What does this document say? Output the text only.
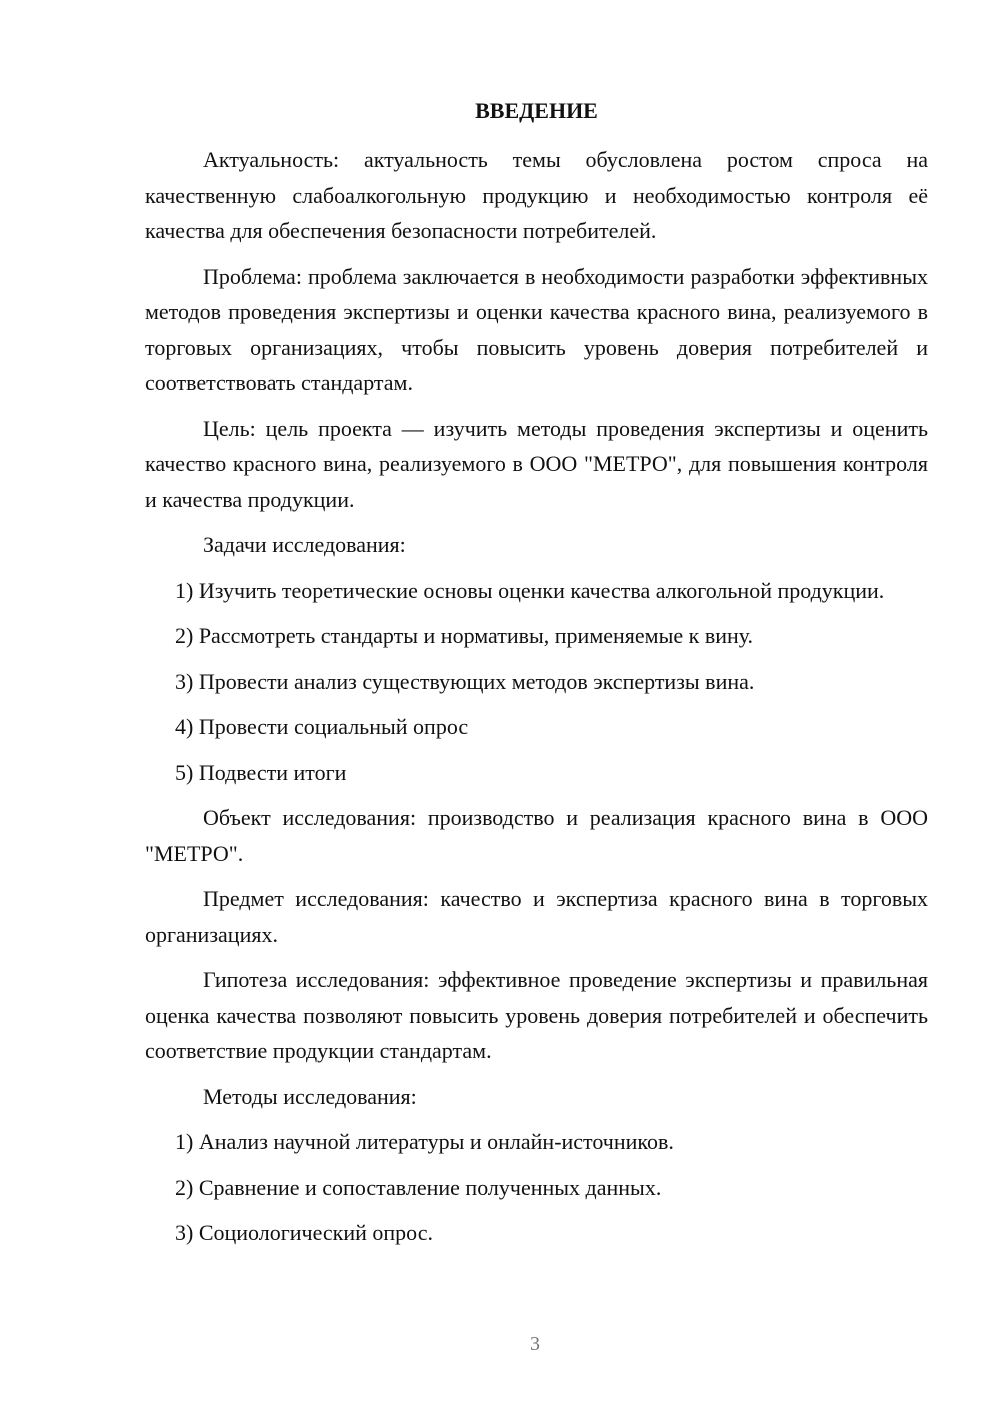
ВВЕДЕНИЕ

Актуальность: актуальность темы обусловлена ростом спроса на качественную слабоалкогольную продукцию и необходимостью контроля её качества для обеспечения безопасности потребителей.

Проблема: проблема заключается в необходимости разработки эффективных методов проведения экспертизы и оценки качества красного вина, реализуемого в торговых организациях, чтобы повысить уровень доверия потребителей и соответствовать стандартам.

Цель: цель проекта — изучить методы проведения экспертизы и оценить качество красного вина, реализуемого в ООО "МЕТРО", для повышения контроля и качества продукции.

Задачи исследования:

1) Изучить теоретические основы оценки качества алкогольной продукции.

2) Рассмотреть стандарты и нормативы, применяемые к вину.

3) Провести анализ существующих методов экспертизы вина.

4) Провести социальный опрос

5) Подвести итоги

Объект исследования: производство и реализация красного вина в ООО "МЕТРО".

Предмет исследования: качество и экспертиза красного вина в торговых организациях.

Гипотеза исследования: эффективное проведение экспертизы и правильная оценка качества позволяют повысить уровень доверия потребителей и обеспечить соответствие продукции стандартам.

Методы исследования:

1) Анализ научной литературы и онлайн-источников.

2) Сравнение и сопоставление полученных данных.

3) Социологический опрос.

3
